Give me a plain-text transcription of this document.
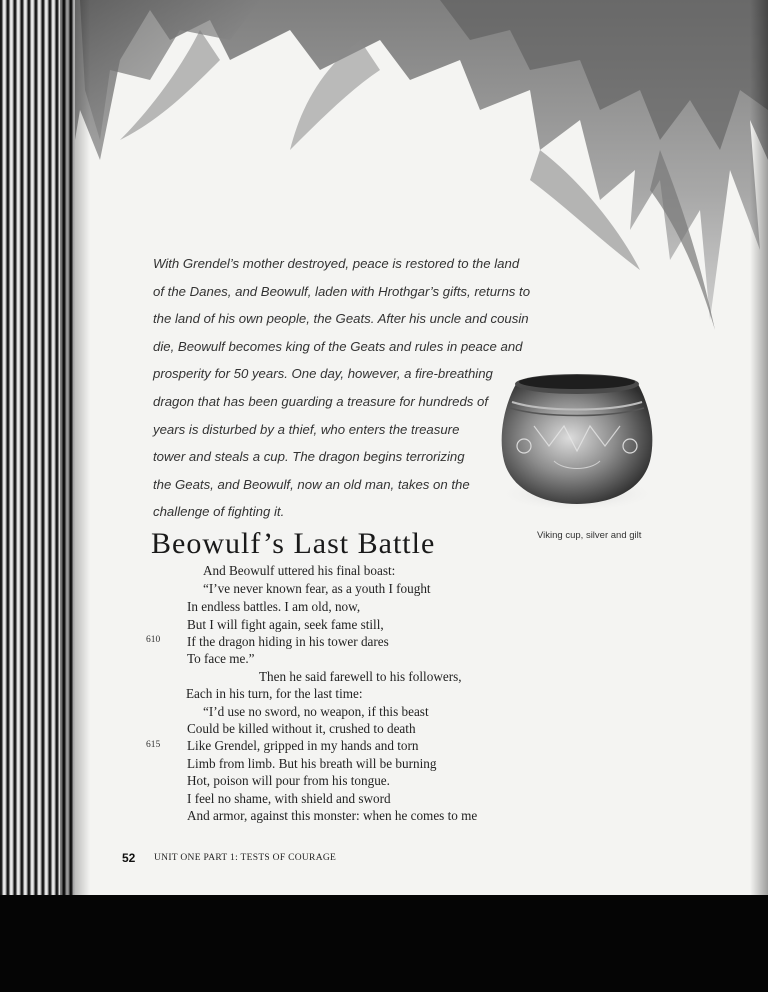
With Grendel’s mother destroyed, peace is restored to the land
of the Danes, and Beowulf, laden with Hrothgar’s gifts, returns to
the land of his own people, the Geats. After his uncle and cousin
die, Beowulf becomes king of the Geats and rules in peace and
prosperity for 50 years. One day, however, a fire-breathing
dragon that has been guarding a treasure for hundreds of
years is disturbed by a thief, who enters the treasure
tower and steals a cup. The dragon begins terrorizing
the Geats, and Beowulf, now an old man, takes on the
challenge of fighting it.
Viking cup, silver and gilt
Beowulf’s Last Battle
And Beowulf uttered his final boast:
“I’ve never known fear, as a youth I fought
In endless battles. I am old, now,
But I will fight again, seek fame still,
610 If the dragon hiding in his tower dares
To face me.”
Then he said farewell to his followers,
Each in his turn, for the last time:
“I’d use no sword, no weapon, if this beast
Could be killed without it, crushed to death
615 Like Grendel, gripped in my hands and torn
Limb from limb. But his breath will be burning
Hot, poison will pour from his tongue.
I feel no shame, with shield and sword
And armor, against this monster: when he comes to me
52 UNIT ONE PART 1: TESTS OF COURAGE
